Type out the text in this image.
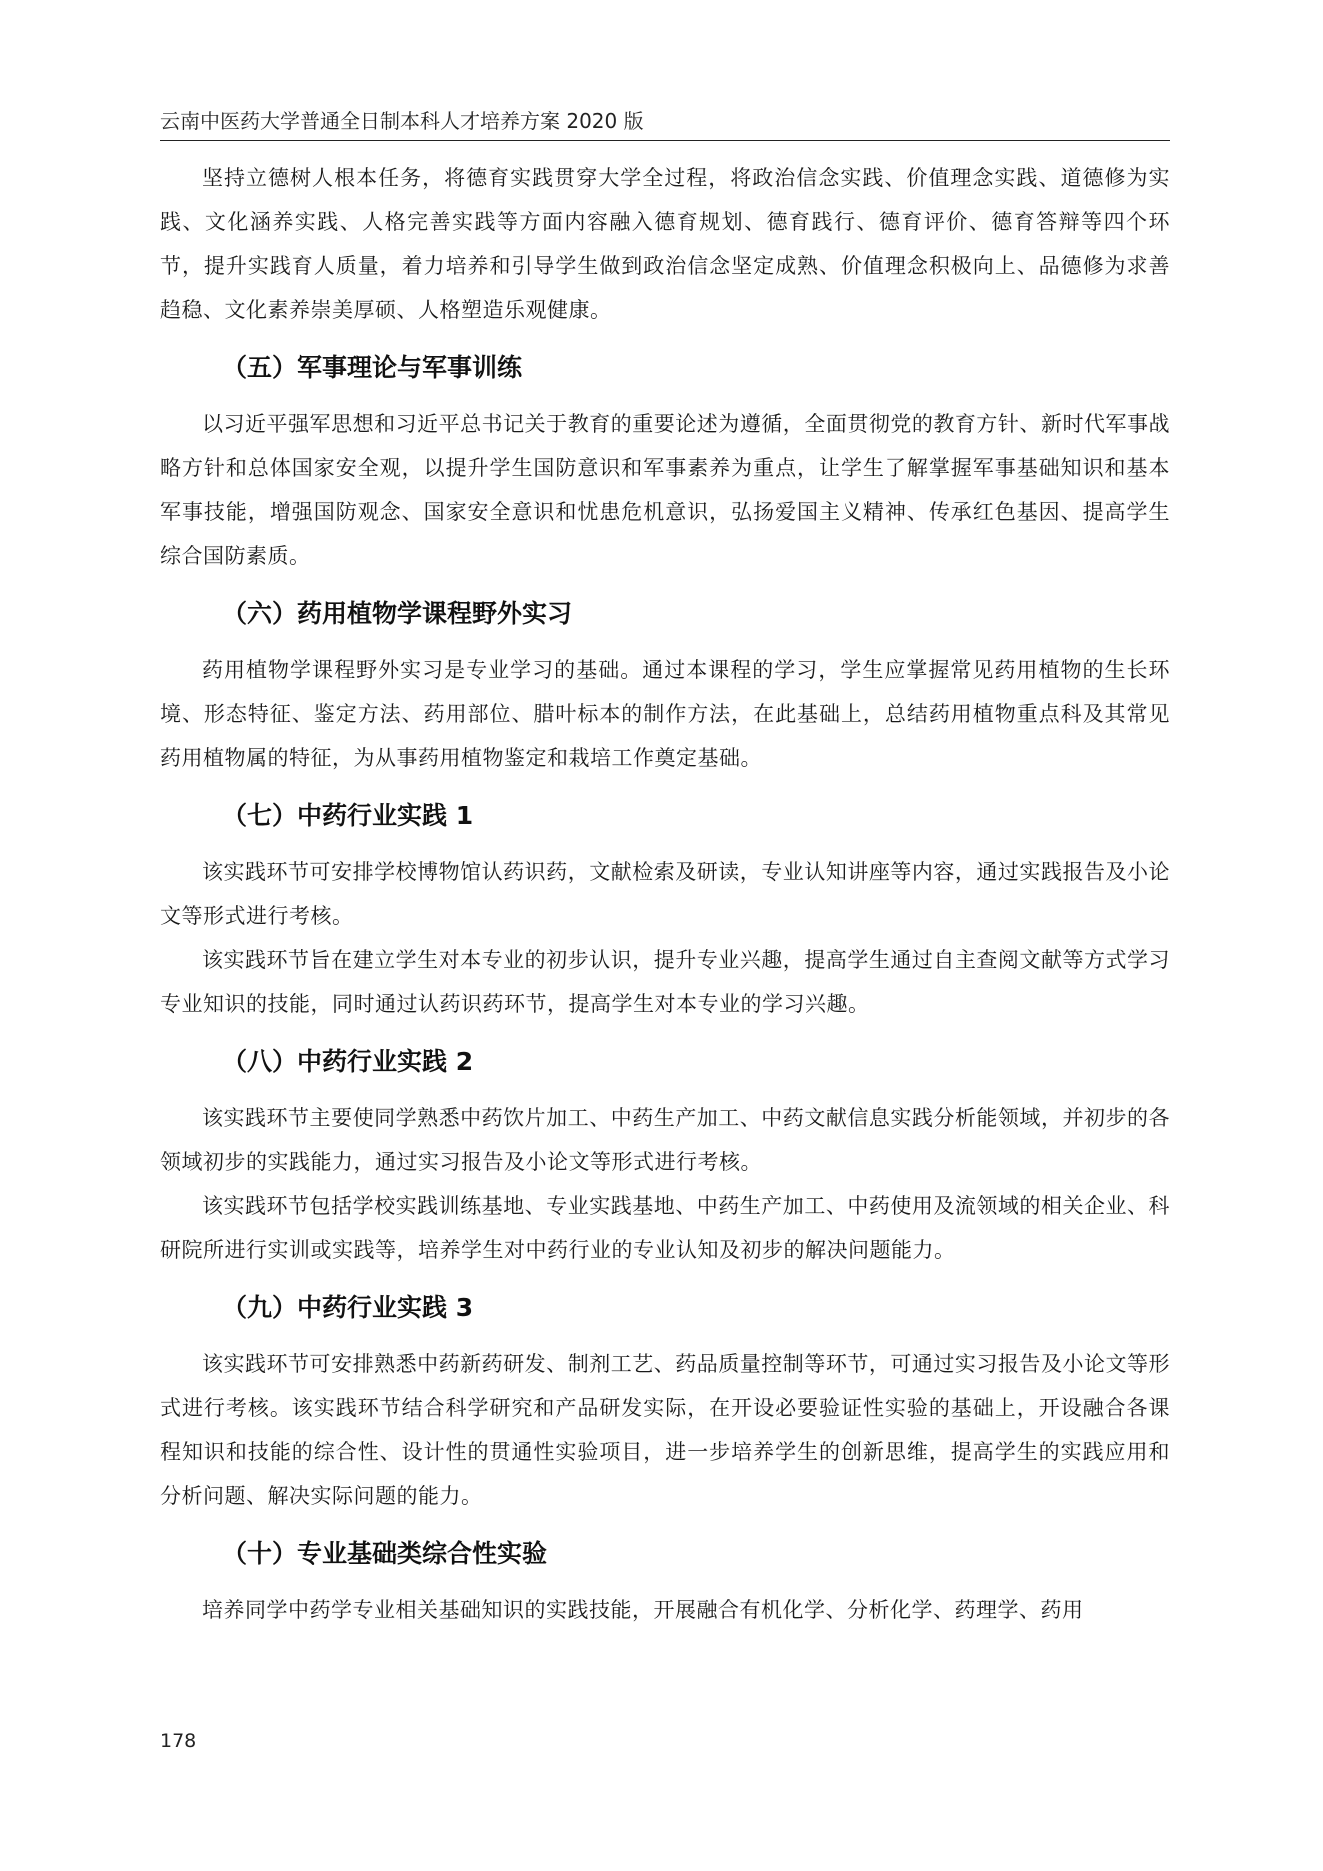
云南中医药大学普通全日制本科人才培养方案 2020 版

坚持立德树人根本任务，将德育实践贯穿大学全过程，将政治信念实践、价值理念实践、道德修为实践、文化涵养实践、人格完善实践等方面内容融入德育规划、德育践行、德育评价、德育答辩等四个环节，提升实践育人质量，着力培养和引导学生做到政治信念坚定成熟、价值理念积极向上、品德修为求善趋稳、文化素养崇美厚硕、人格塑造乐观健康。

（五）军事理论与军事训练

以习近平强军思想和习近平总书记关于教育的重要论述为遵循，全面贯彻党的教育方针、新时代军事战略方针和总体国家安全观，以提升学生国防意识和军事素养为重点，让学生了解掌握军事基础知识和基本军事技能，增强国防观念、国家安全意识和忧患危机意识，弘扬爱国主义精神、传承红色基因、提高学生综合国防素质。

（六）药用植物学课程野外实习

药用植物学课程野外实习是专业学习的基础。通过本课程的学习，学生应掌握常见药用植物的生长环境、形态特征、鉴定方法、药用部位、腊叶标本的制作方法，在此基础上，总结药用植物重点科及其常见药用植物属的特征，为从事药用植物鉴定和栽培工作奠定基础。

（七）中药行业实践 1

该实践环节可安排学校博物馆认药识药，文献检索及研读，专业认知讲座等内容，通过实践报告及小论文等形式进行考核。

该实践环节旨在建立学生对本专业的初步认识，提升专业兴趣，提高学生通过自主查阅文献等方式学习专业知识的技能，同时通过认药识药环节，提高学生对本专业的学习兴趣。

（八）中药行业实践 2

该实践环节主要使同学熟悉中药饮片加工、中药生产加工、中药文献信息实践分析能领域，并初步的各领域初步的实践能力，通过实习报告及小论文等形式进行考核。

该实践环节包括学校实践训练基地、专业实践基地、中药生产加工、中药使用及流领域的相关企业、科研院所进行实训或实践等，培养学生对中药行业的专业认知及初步的解决问题能力。

（九）中药行业实践 3

该实践环节可安排熟悉中药新药研发、制剂工艺、药品质量控制等环节，可通过实习报告及小论文等形式进行考核。该实践环节结合科学研究和产品研发实际，在开设必要验证性实验的基础上，开设融合各课程知识和技能的综合性、设计性的贯通性实验项目，进一步培养学生的创新思维，提高学生的实践应用和分析问题、解决实际问题的能力。

（十）专业基础类综合性实验

培养同学中药学专业相关基础知识的实践技能，开展融合有机化学、分析化学、药理学、药用

178
